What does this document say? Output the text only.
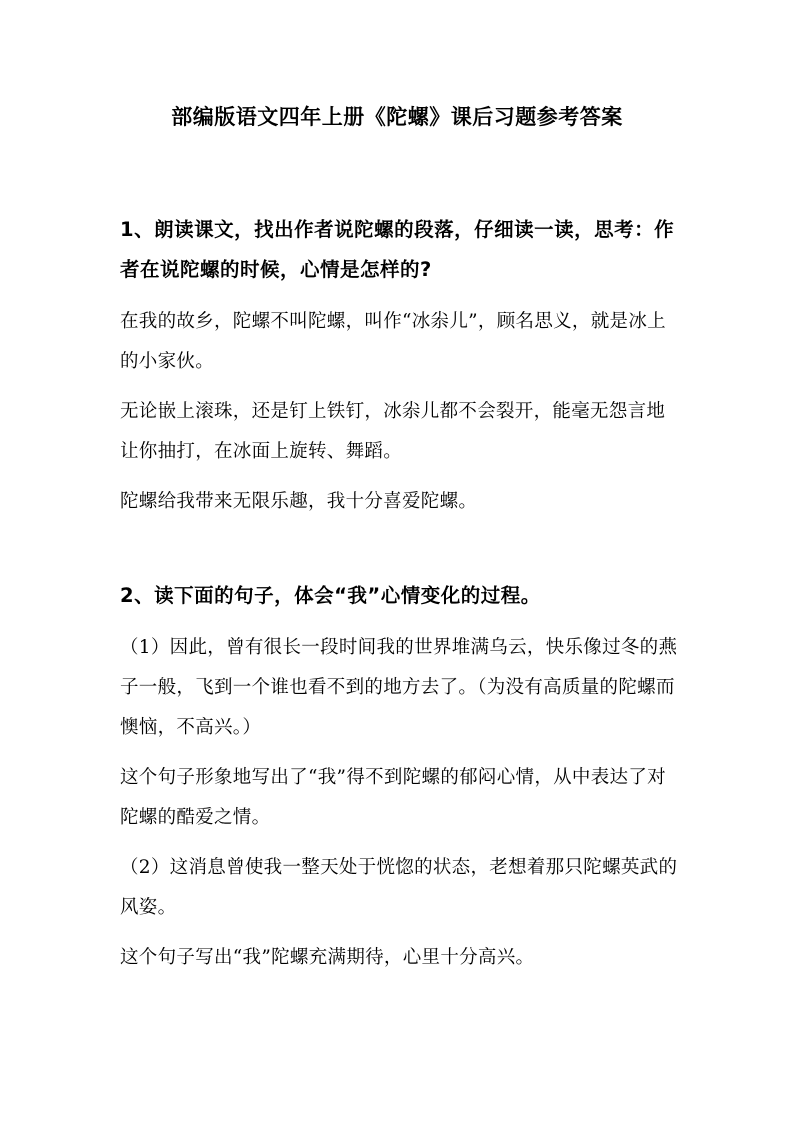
部编版语文四年上册《陀螺》课后习题参考答案

1、朗读课文，找出作者说陀螺的段落，仔细读一读，思考：作者在说陀螺的时候，心情是怎样的?

在我的故乡，陀螺不叫陀螺，叫作“冰尜儿”，顾名思义，就是冰上的小家伙。

无论嵌上滚珠，还是钉上铁钉，冰尜儿都不会裂开，能毫无怨言地让你抽打，在冰面上旋转、舞蹈。

陀螺给我带来无限乐趣，我十分喜爱陀螺。

2、读下面的句子，体会“我”心情变化的过程。

（1）因此，曾有很长一段时间我的世界堆满乌云，快乐像过冬的燕子一般，飞到一个谁也看不到的地方去了。（为没有高质量的陀螺而懊恼，不高兴。）

这个句子形象地写出了“我”得不到陀螺的郁闷心情，从中表达了对陀螺的酷爱之情。

（2）这消息曾使我一整天处于恍惚的状态，老想着那只陀螺英武的风姿。

这个句子写出“我”陀螺充满期待，心里十分高兴。
